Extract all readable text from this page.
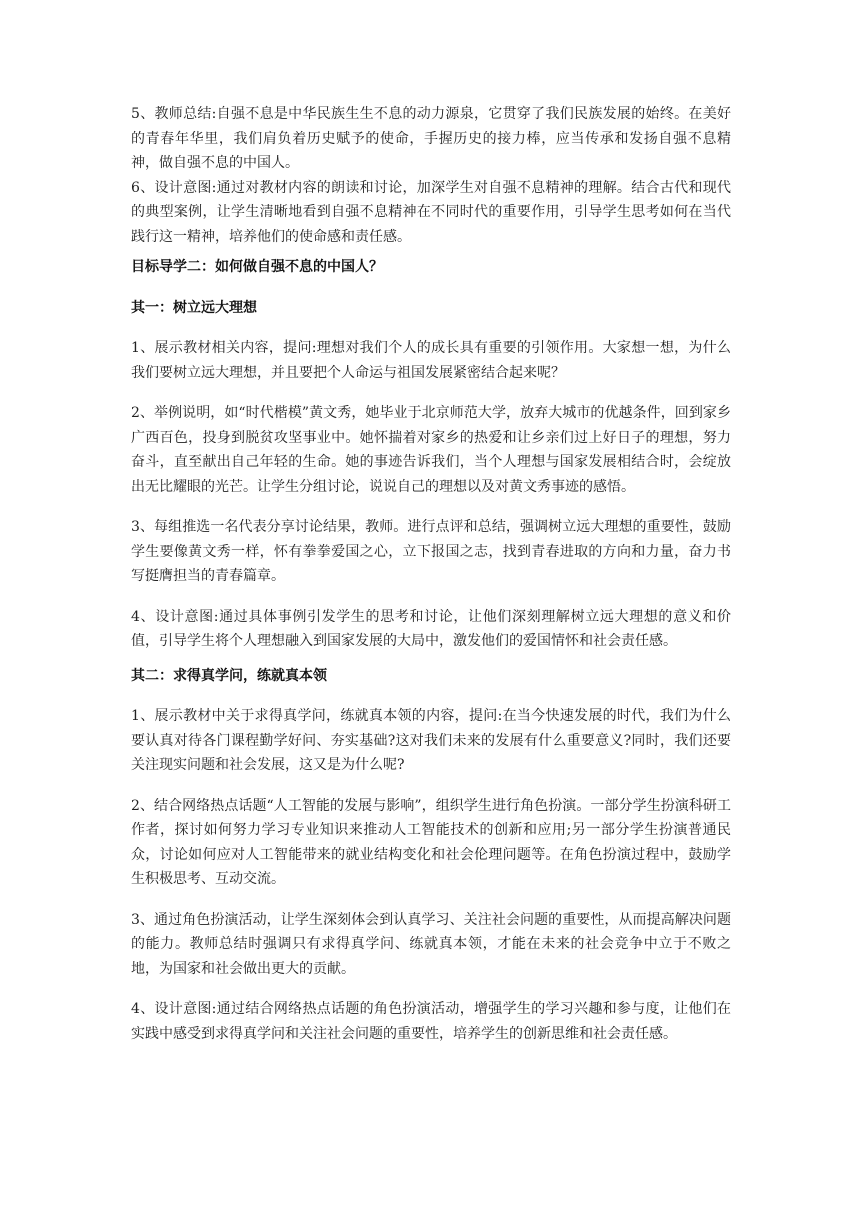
5、教师总结:自强不息是中华民族生生不息的动力源泉，它贯穿了我们民族发展的始终。在美好的青春年华里，我们肩负着历史赋予的使命，手握历史的接力棒，应当传承和发扬自强不息精神，做自强不息的中国人。

6、设计意图:通过对教材内容的朗读和讨论，加深学生对自强不息精神的理解。结合古代和现代的典型案例，让学生清晰地看到自强不息精神在不同时代的重要作用，引导学生思考如何在当代践行这一精神，培养他们的使命感和责任感。

目标导学二：如何做自强不息的中国人？
其一：树立远大理想

1、展示教材相关内容，提问:理想对我们个人的成长具有重要的引领作用。大家想一想，为什么我们要树立远大理想，并且要把个人命运与祖国发展紧密结合起来呢？

2、举例说明，如“时代楷模”黄文秀，她毕业于北京师范大学，放弃大城市的优越条件，回到家乡广西百色，投身到脱贫攻坚事业中。她怀揣着对家乡的热爱和让乡亲们过上好日子的理想，努力奋斗，直至献出自己年轻的生命。她的事迹告诉我们，当个人理想与国家发展相结合时，会绽放出无比耀眼的光芒。让学生分组讨论，说说自己的理想以及对黄文秀事迹的感悟。

3、每组推选一名代表分享讨论结果，教师。进行点评和总结，强调树立远大理想的重要性，鼓励学生要像黄文秀一样，怀有拳拳爱国之心，立下报国之志，找到青春进取的方向和力量，奋力书写挺膺担当的青春篇章。

4、设计意图:通过具体事例引发学生的思考和讨论，让他们深刻理解树立远大理想的意义和价值，引导学生将个人理想融入到国家发展的大局中，激发他们的爱国情怀和社会责任感。

其二：求得真学问，练就真本领

1、展示教材中关于求得真学问，练就真本领的内容，提问:在当今快速发展的时代，我们为什么要认真对待各门课程勤学好问、夯实基础?这对我们未来的发展有什么重要意义?同时，我们还要关注现实问题和社会发展，这又是为什么呢?

2、结合网络热点话题“人工智能的发展与影响”，组织学生进行角色扮演。一部分学生扮演科研工作者，探讨如何努力学习专业知识来推动人工智能技术的创新和应用;另一部分学生扮演普通民众，讨论如何应对人工智能带来的就业结构变化和社会伦理问题等。在角色扮演过程中，鼓励学生积极思考、互动交流。

3、通过角色扮演活动，让学生深刻体会到认真学习、关注社会问题的重要性，从而提高解决问题的能力。教师总结时强调只有求得真学问、练就真本领，才能在未来的社会竞争中立于不败之地，为国家和社会做出更大的贡献。

4、设计意图:通过结合网络热点话题的角色扮演活动，增强学生的学习兴趣和参与度，让他们在实践中感受到求得真学问和关注社会问题的重要性，培养学生的创新思维和社会责任感。
